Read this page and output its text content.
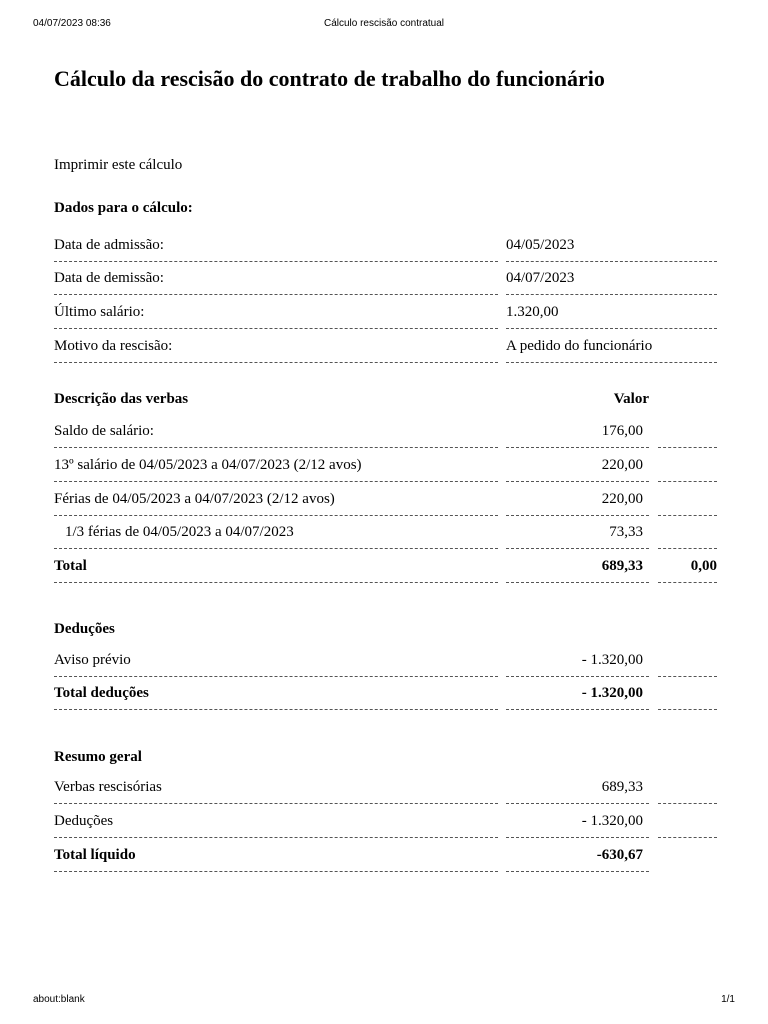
04/07/2023 08:36	Cálculo rescisão contratual
Cálculo da rescisão do contrato de trabalho do funcionário
Imprimir este cálculo
Dados para o cálculo:
Data de admissão:	04/05/2023
Data de demissão:	04/07/2023
Último salário:	1.320,00
Motivo da rescisão:	A pedido do funcionário
Descrição das verbas	Valor
Saldo de salário:	176,00
13º salário de 04/05/2023 a 04/07/2023 (2/12 avos)	220,00
Férias de 04/05/2023 a 04/07/2023 (2/12 avos)	220,00
1/3 férias de 04/05/2023 a 04/07/2023	73,33
Total	689,33	0,00
Deduções
Aviso prévio	- 1.320,00
Total deduções	- 1.320,00
Resumo geral
Verbas rescisórias	689,33
Deduções	- 1.320,00
Total líquido	-630,67
about:blank	1/1
